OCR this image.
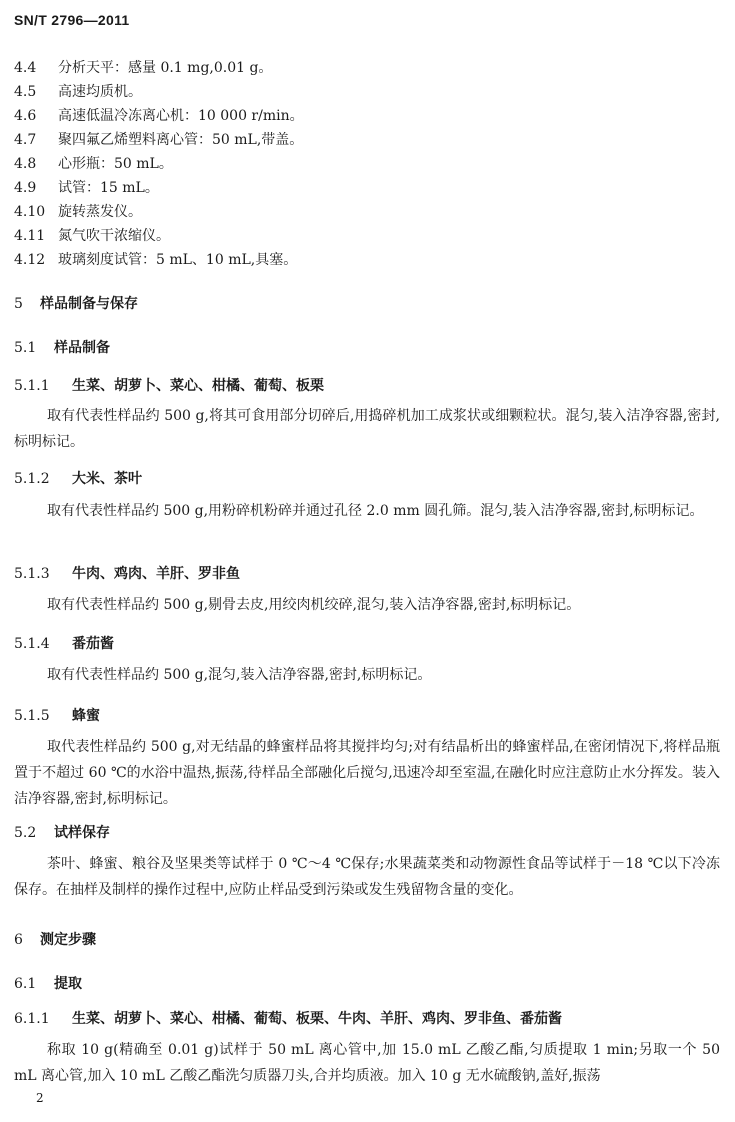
SN/T 2796—2011
4.4 分析天平：感量 0.1 mg,0.01 g。
4.5 高速均质机。
4.6 高速低温冷冻离心机：10 000 r/min。
4.7 聚四氟乙烯塑料离心管：50 mL,带盖。
4.8 心形瓶：50 mL。
4.9 试管：15 mL。
4.10 旋转蒸发仪。
4.11 氮气吹干浓缩仪。
4.12 玻璃刻度试管：5 mL、10 mL,具塞。
5 样品制备与保存
5.1 样品制备
5.1.1 生菜、胡萝卜、菜心、柑橘、葡萄、板栗
取有代表性样品约 500 g,将其可食用部分切碎后,用捣碎机加工成浆状或细颗粒状。混匀,装入洁净容器,密封,标明标记。
5.1.2 大米、茶叶
取有代表性样品约 500 g,用粉碎机粉碎并通过孔径 2.0 mm 圆孔筛。混匀,装入洁净容器,密封,标明标记。
5.1.3 牛肉、鸡肉、羊肝、罗非鱼
取有代表性样品约 500 g,剔骨去皮,用绞肉机绞碎,混匀,装入洁净容器,密封,标明标记。
5.1.4 番茄酱
取有代表性样品约 500 g,混匀,装入洁净容器,密封,标明标记。
5.1.5 蜂蜜
取代表性样品约 500 g,对无结晶的蜂蜜样品将其搅拌均匀;对有结晶析出的蜂蜜样品,在密闭情况下,将样品瓶置于不超过 60 ℃的水浴中温热,振荡,待样品全部融化后搅匀,迅速冷却至室温,在融化时应注意防止水分挥发。装入洁净容器,密封,标明标记。
5.2 试样保存
茶叶、蜂蜜、粮谷及坚果类等试样于 0 ℃～4 ℃保存;水果蔬菜类和动物源性食品等试样于－18 ℃以下冷冻保存。在抽样及制样的操作过程中,应防止样品受到污染或发生残留物含量的变化。
6 测定步骤
6.1 提取
6.1.1 生菜、胡萝卜、菜心、柑橘、葡萄、板栗、牛肉、羊肝、鸡肉、罗非鱼、番茄酱
称取 10 g(精确至 0.01 g)试样于 50 mL 离心管中,加 15.0 mL 乙酸乙酯,匀质提取 1 min;另取一个 50 mL 离心管,加入 10 mL 乙酸乙酯洗匀质器刀头,合并均质液。加入 10 g 无水硫酸钠,盖好,振荡
2
